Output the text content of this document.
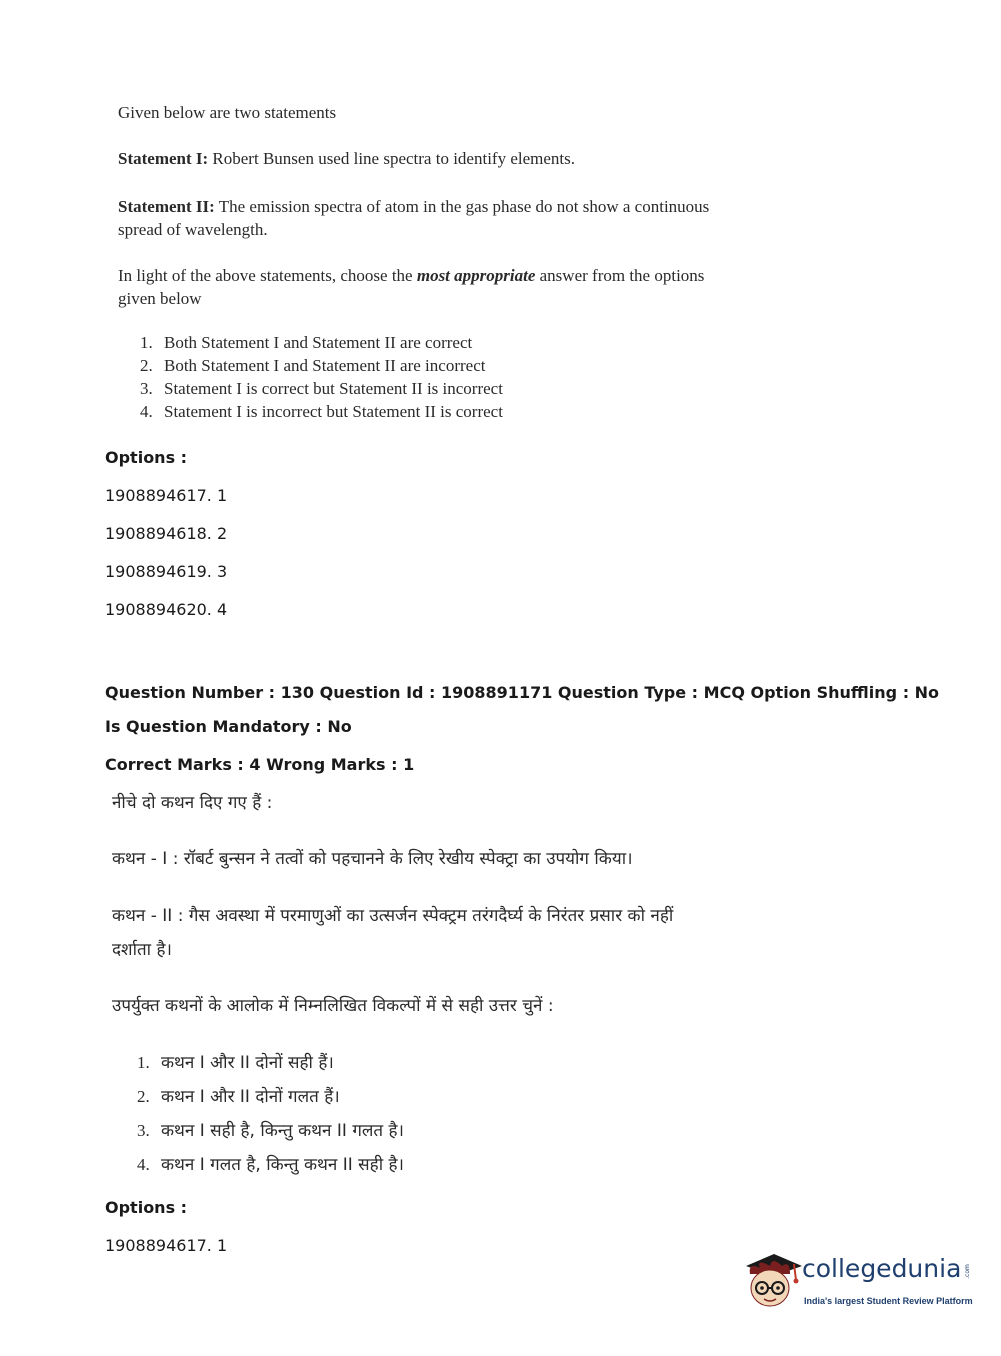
Given below are two statements
Statement I: Robert Bunsen used line spectra to identify elements.
Statement II: The emission spectra of atom in the gas phase do not show a continuous spread of wavelength.
In light of the above statements, choose the most appropriate answer from the options given below
1. Both Statement I and Statement II are correct
2. Both Statement I and Statement II are incorrect
3. Statement I is correct but Statement II is incorrect
4. Statement I is incorrect but Statement II is correct
Options :
1908894617. 1
1908894618. 2
1908894619. 3
1908894620. 4
Question Number : 130 Question Id : 1908891171 Question Type : MCQ Option Shuffling : No
Is Question Mandatory : No
Correct Marks : 4 Wrong Marks : 1
नीचे दो कथन दिए गए हैं :
कथन - I : रॉबर्ट बुन्सन ने तत्वों को पहचानने के लिए रेखीय स्पेक्ट्रा का उपयोग किया।
कथन - II : गैस अवस्था में परमाणुओं का उत्सर्जन स्पेक्ट्रम तरंगदैर्घ्य के निरंतर प्रसार को नहीं
दर्शाता है।
उपर्युक्त कथनों के आलोक में निम्नलिखित विकल्पों में से सही उत्तर चुनें :
1. कथन I और II दोनों सही हैं।
2. कथन I और II दोनों गलत हैं।
3. कथन I सही है, किन्तु कथन II गलत है।
4. कथन I गलत है, किन्तु कथन II सही है।
Options :
1908894617. 1
collegedunia .com
India's largest Student Review Platform
